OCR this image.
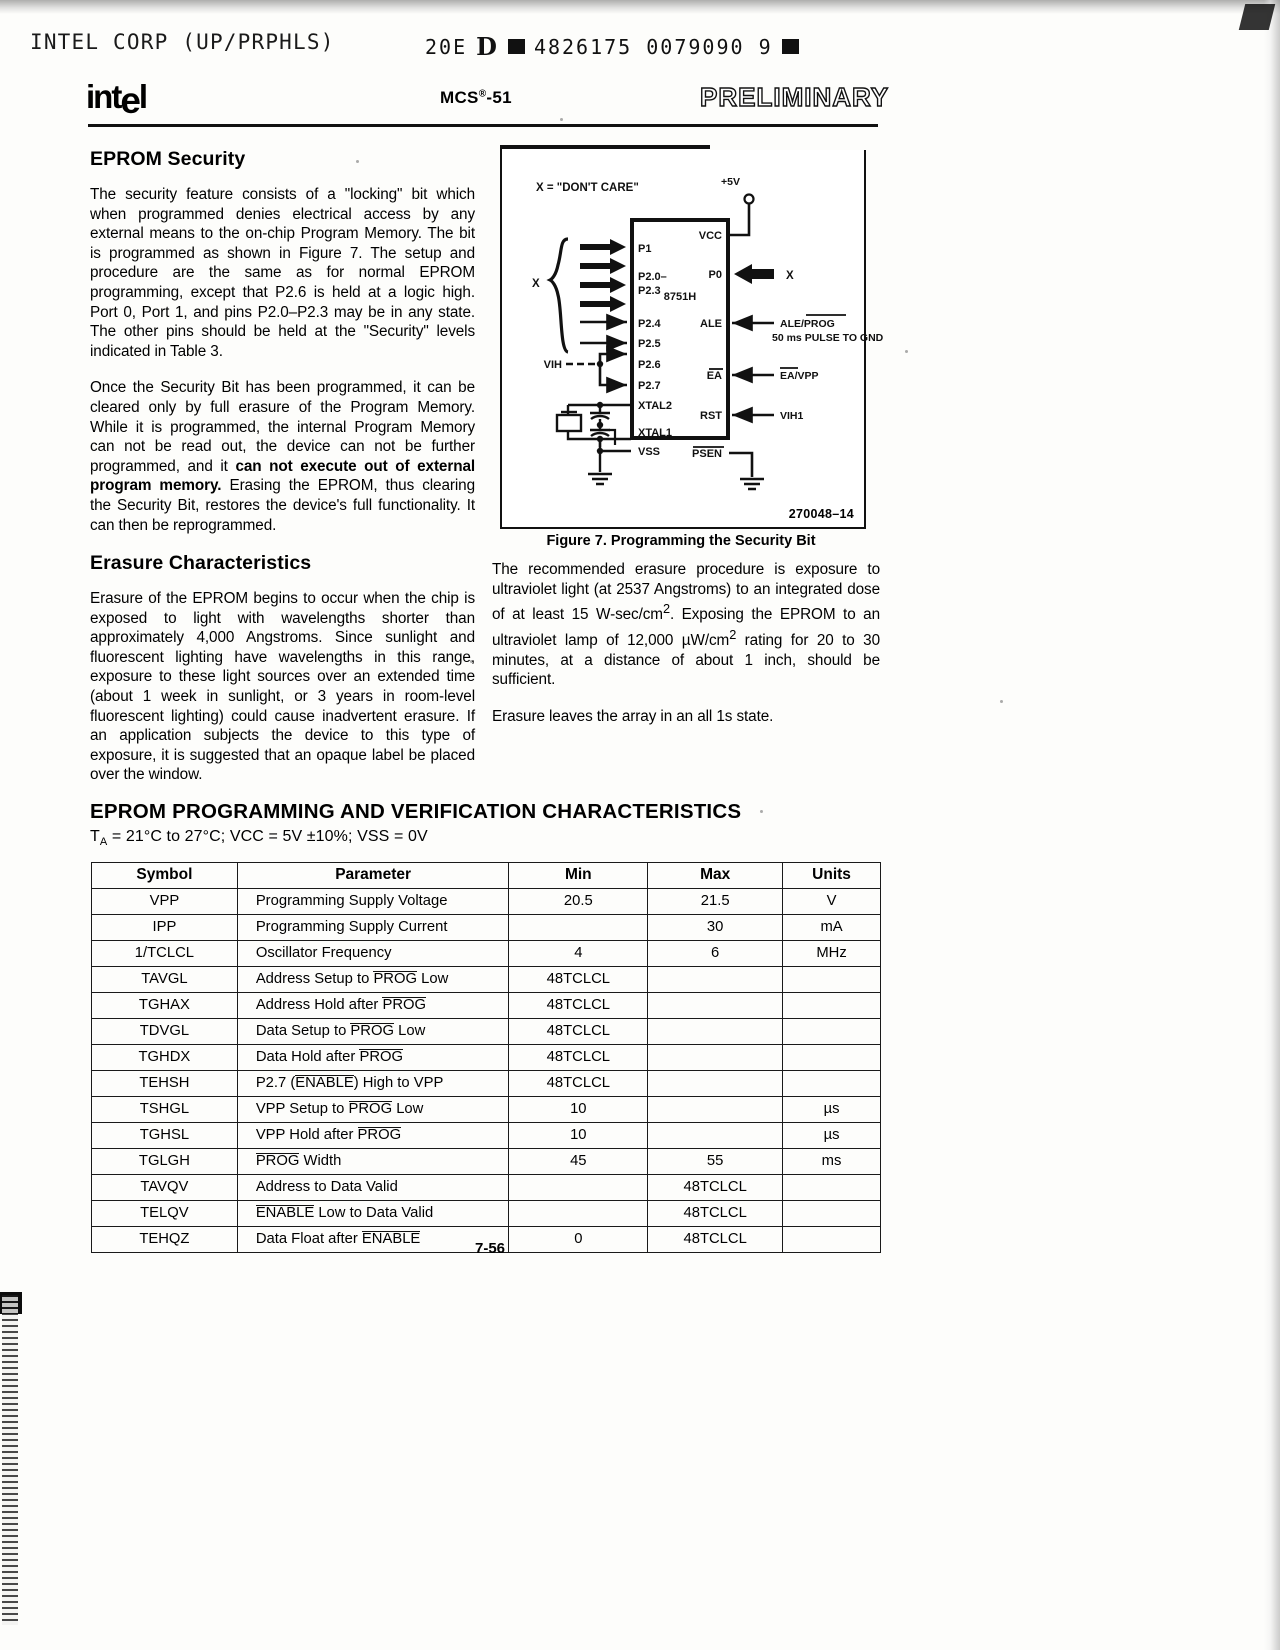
INTEL CORP (UP/PRPHLS)	20E D 4826175 0079090 9
intel	MCS®-51	PRELIMINARY
EPROM Security

The security feature consists of a "locking" bit which when programmed denies electrical access by any external means to the on-chip Program Memory. The bit is programmed as shown in Figure 7. The setup and procedure are the same as for normal EPROM programming, except that P2.6 is held at a logic high. Port 0, Port 1, and pins P2.0–P2.3 may be in any state. The other pins should be held at the "Security" levels indicated in Table 3.

Once the Security Bit has been programmed, it can be cleared only by full erasure of the Program Memory. While it is programmed, the internal Program Memory can not be read out, the device can not be further programmed, and it can not execute out of external program memory. Erasing the EPROM, thus clearing the Security Bit, restores the device's full functionality. It can then be reprogrammed.

Erasure Characteristics

Erasure of the EPROM begins to occur when the chip is exposed to light with wavelengths shorter than approximately 4,000 Angstroms. Since sunlight and fluorescent lighting have wavelengths in this range, exposure to these light sources over an extended time (about 1 week in sunlight, or 3 years in room-level fluorescent lighting) could cause inadvertent erasure. If an application subjects the device to this type of exposure, it is suggested that an opaque label be placed over the window.

X = "DON'T CARE"	+5V
8751H
P1
P2.0–
P2.3
P2.4
P2.5
P2.6
P2.7
XTAL2
XTAL1
VSS
VCC
P0
ALE
EA
RST
PSEN
X
VIH
X
ALE/PROG
50 ms PULSE TO GND
EA/VPP
VIH1
270048–14
Figure 7. Programming the Security Bit

The recommended erasure procedure is exposure to ultraviolet light (at 2537 Angstroms) to an integrated dose of at least 15 $W-\sec/cm^2$. Exposing the EPROM to an ultraviolet lamp of 12,000 $\mu W/cm^2$ rating for 20 to 30 minutes, at a distance of about 1 inch, should be sufficient.

Erasure leaves the array in an all 1s state.

EPROM PROGRAMMING AND VERIFICATION CHARACTERISTICS
$T_A = 21^\circ C$ to 27°C; VCC = 5V ±10%; VSS = 0V
Symbol	Parameter	Min	Max	Units
VPP	Programming Supply Voltage	20.5	21.5	V
IPP	Programming Supply Current		30	mA
1/TCLCL	Oscillator Frequency	4	6	MHz
TAVGL	Address Setup to PROG Low	48TCLCL		
TGHAX	Address Hold after PROG	48TCLCL		
TDVGL	Data Setup to PROG Low	48TCLCL		
TGHDX	Data Hold after PROG	48TCLCL		
TEHSH	P2.7 (ENABLE) High to VPP	48TCLCL		
TSHGL	VPP Setup to PROG Low	10		µs
TGHSL	VPP Hold after PROG	10		µs
TGLGH	PROG Width	45	55	ms
TAVQV	Address to Data Valid		48TCLCL	
TELQV	ENABLE Low to Data Valid		48TCLCL	
TEHQZ	Data Float after ENABLE	0	48TCLCL	
7-56
